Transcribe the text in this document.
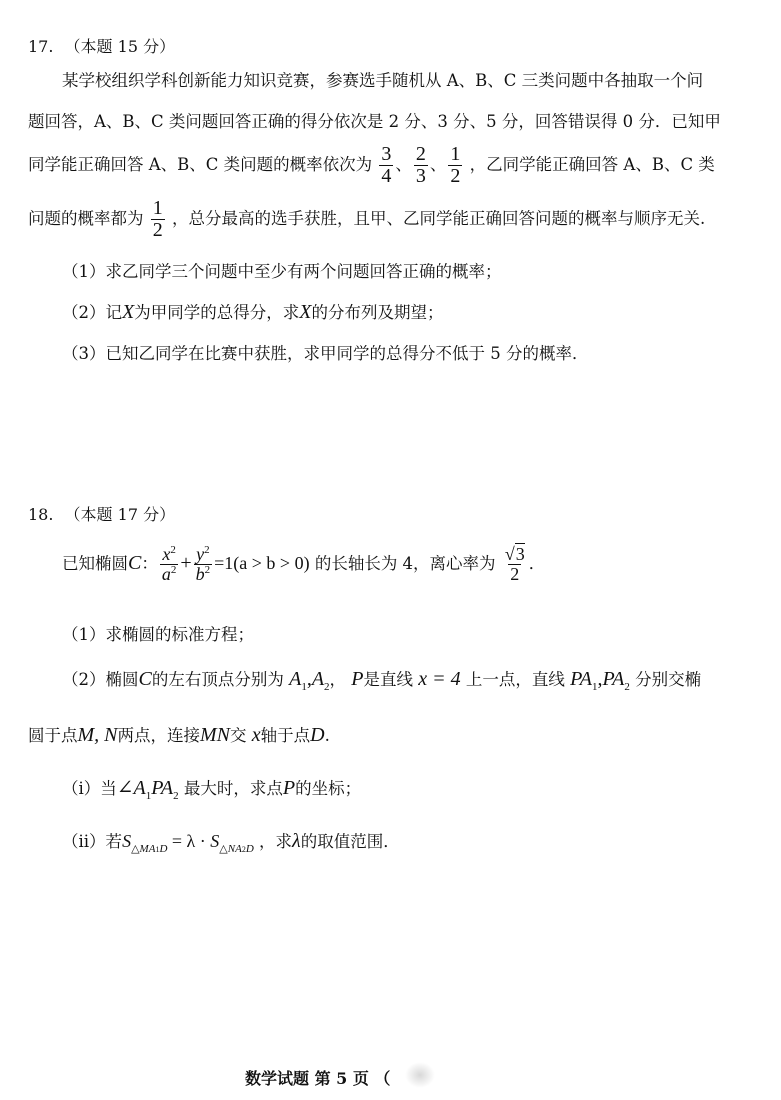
17. （本题 15 分）
某学校组织学科创新能力知识竞赛，参赛选手随机从 A、B、C 三类问题中各抽取一个问
题回答，A、B、C 类问题回答正确的得分依次是 2 分、3 分、5 分，回答错误得 0 分．已知甲
同学能正确回答 A、B、C 类问题的概率依次为 $\frac{3}{4}$ 、 $\frac{2}{3}$ 、 $\frac{1}{2}$ ，乙同学能正确回答 A、B、C 类
问题的概率都为 $\frac{1}{2}$ ，总分最高的选手获胜，且甲、乙同学能正确回答问题的概率与顺序无关.
（1）求乙同学三个问题中至少有两个问题回答正确的概率；
（2）记X为甲同学的总得分，求X的分布列及期望；
（3）已知乙同学在比赛中获胜，求甲同学的总得分不低于 5 分的概率．
18. （本题 17 分）
已知椭圆C： $\frac{x^2}{a^2} + \frac{y^2}{b^2} =1(a > b > 0)$ 的长轴长为 4，离心率为 $\frac{√3}{2}$ ．
（1）求椭圆的标准方程；
（2）椭圆C的左右顶点分别为 $A_1,A_2$， P是直线 x = 4 上一点，直线 $PA_1,PA_2$ 分别交椭
圆于点M, N两点，连接MN交 x轴于点D.
（ⅰ）当$\angle A_1PA_2$ 最大时，求点P的坐标；
（ⅱ）若$S_{\triangle MA1D} = \lambda \cdot S_{\triangle NA2D}$ ，求λ的取值范围．
数学试题 第 5 页 （
